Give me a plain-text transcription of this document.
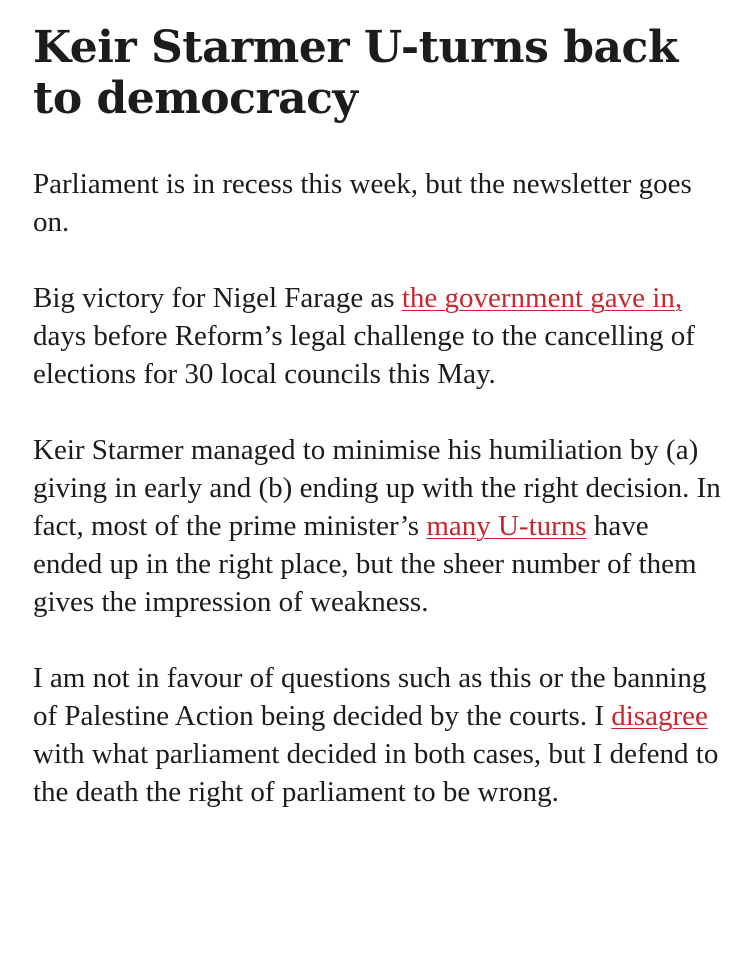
Keir Starmer U-turns back to democracy

Parliament is in recess this week, but the newsletter goes on.

Big victory for Nigel Farage as the government gave in, days before Reform’s legal challenge to the cancelling of elections for 30 local councils this May.

Keir Starmer managed to minimise his humiliation by (a) giving in early and (b) ending up with the right decision. In fact, most of the prime minister’s many U-turns have ended up in the right place, but the sheer number of them gives the impression of weakness.

I am not in favour of questions such as this or the banning of Palestine Action being decided by the courts. I disagree with what parliament decided in both cases, but I defend to the death the right of parliament to be wrong.
